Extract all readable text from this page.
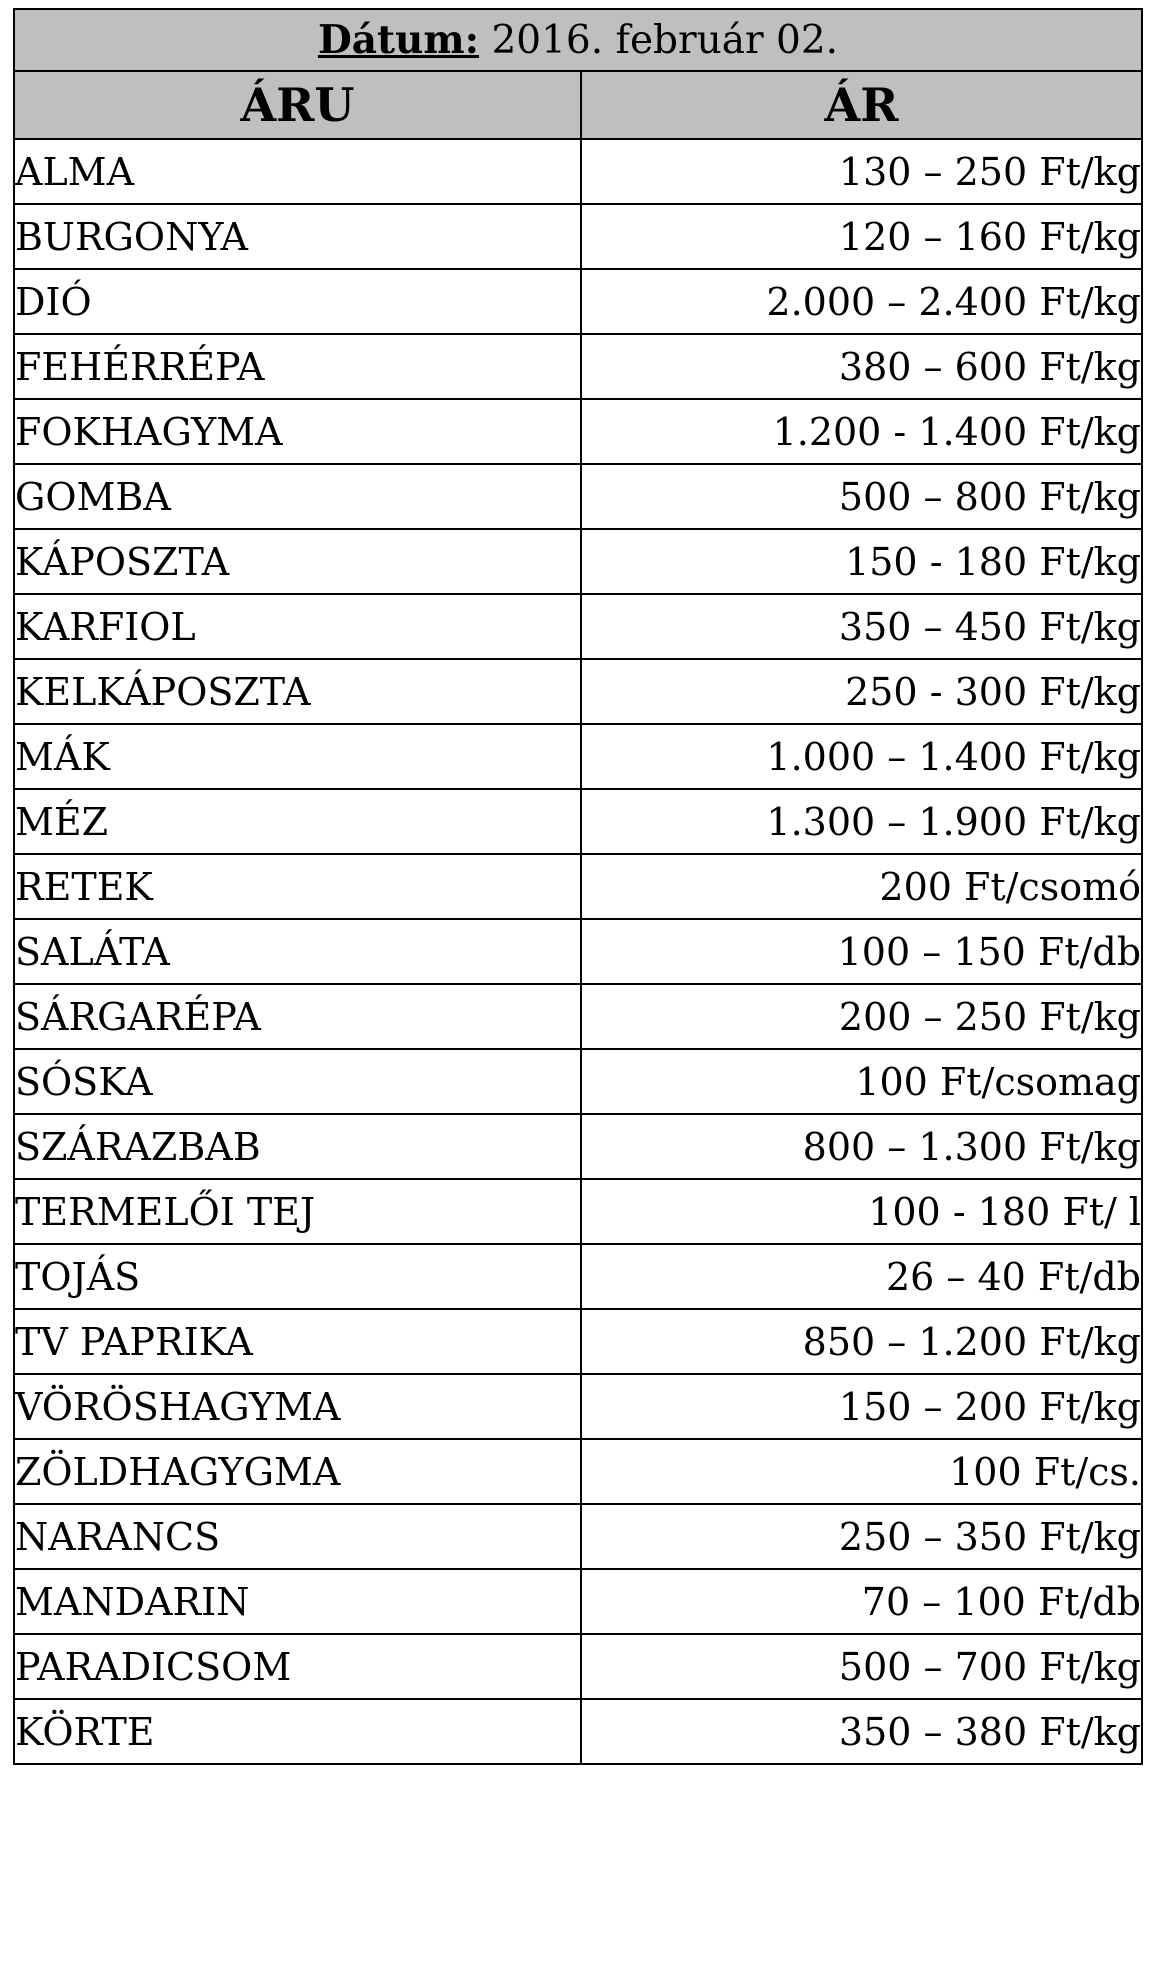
Dátum: 2016. február 02.	
ÁRU	ÁR
ALMA	130 – 250 Ft/kg
BURGONYA	120 – 160 Ft/kg
DIÓ	2.000 – 2.400 Ft/kg
FEHÉRRÉPA	380 – 600 Ft/kg
FOKHAGYMA	1.200 - 1.400 Ft/kg
GOMBA	500 – 800 Ft/kg
KÁPOSZTA	150 - 180 Ft/kg
KARFIOL	350 – 450 Ft/kg
KELKÁPOSZTA	250 - 300 Ft/kg
MÁK	1.000 – 1.400 Ft/kg
MÉZ	1.300 – 1.900 Ft/kg
RETEK	200 Ft/csomó
SALÁTA	100 – 150 Ft/db
SÁRGARÉPA	200 – 250 Ft/kg
SÓSKA	100 Ft/csomag
SZÁRAZBAB	800 – 1.300 Ft/kg
TERMELŐI TEJ	100 - 180 Ft/ l
TOJÁS	26 – 40 Ft/db
TV PAPRIKA	850 – 1.200 Ft/kg
VÖRÖSHAGYMA	150 – 200 Ft/kg
ZÖLDHAGYGMA	100 Ft/cs.
NARANCS	250 – 350 Ft/kg
MANDARIN	70 – 100 Ft/db
PARADICSOM	500 – 700 Ft/kg
KÖRTE	350 – 380 Ft/kg
